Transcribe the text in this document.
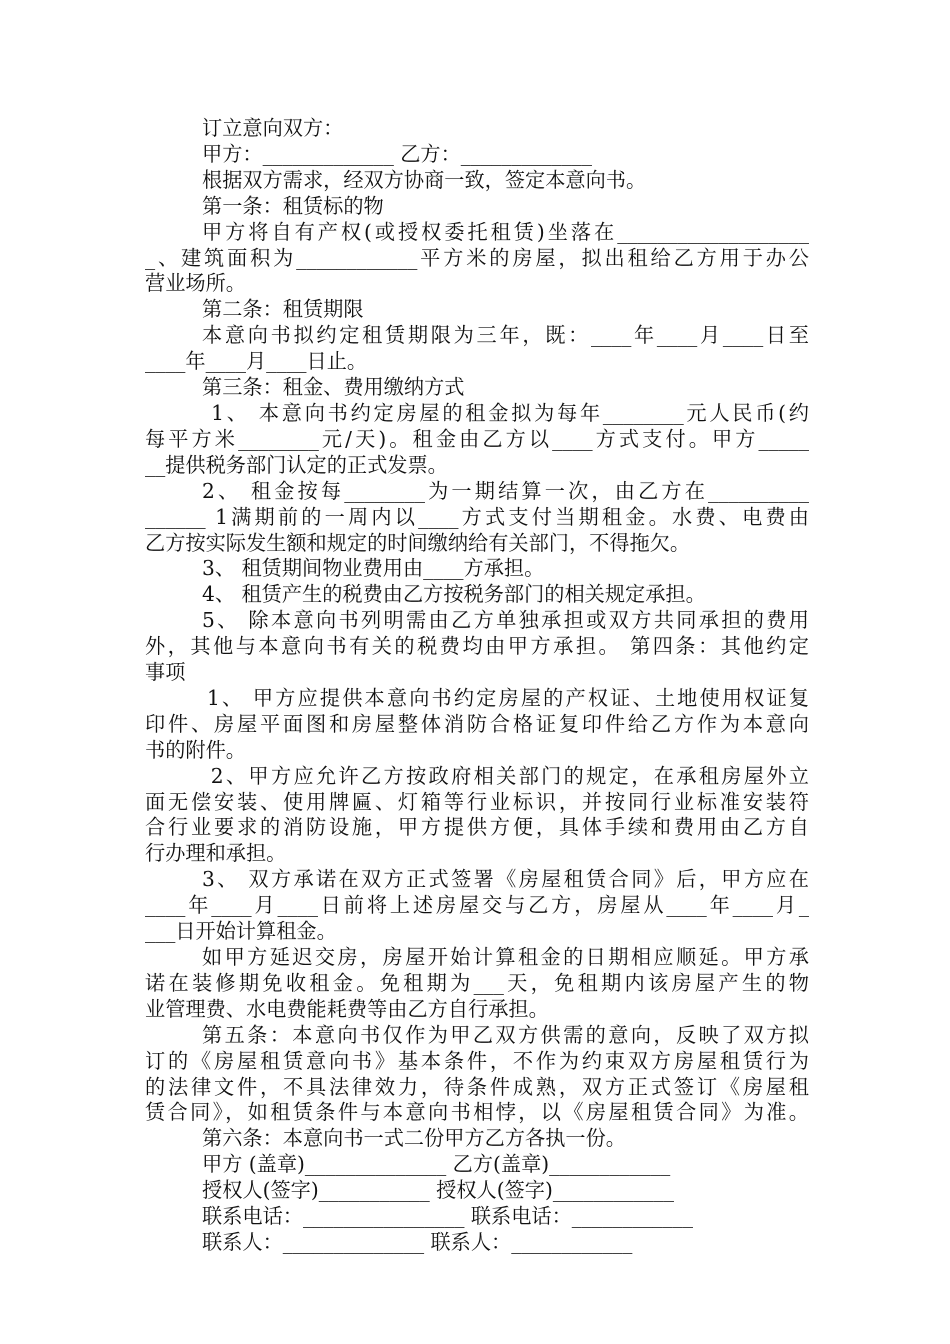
订立意向双方：
甲方：_____________ 乙方：_____________
根据双方需求，经双方协商一致，签定本意向书。
第一条：租赁标的物
甲方将自有产权(或授权委托租赁)坐落在___________________
_、建筑面积为____________平方米的房屋，拟出租给乙方用于办公
营业场所。
第二条：租赁期限
本意向书拟约定租赁期限为三年，既：____年____月____日至
____年____月____日止。
第三条：租金、费用缴纳方式
1、 本意向书约定房屋的租金拟为每年________元人民币(约
每平方米________元/天)。租金由乙方以____方式支付。甲方_____
__提供税务部门认定的正式发票。
2、 租金按每________为一期结算一次，由乙方在__________
______ 1满期前的一周内以____方式支付当期租金。水费、电费由
乙方按实际发生额和规定的时间缴纳给有关部门，不得拖欠。
3、 租赁期间物业费用由____方承担。
4、 租赁产生的税费由乙方按税务部门的相关规定承担。
5、 除本意向书列明需由乙方单独承担或双方共同承担的费用
外，其他与本意向书有关的税费均由甲方承担。 第四条：其他约定
事项
1、 甲方应提供本意向书约定房屋的产权证、土地使用权证复
印件、房屋平面图和房屋整体消防合格证复印件给乙方作为本意向
书的附件。
2、甲方应允许乙方按政府相关部门的规定，在承租房屋外立
面无偿安装、使用牌匾、灯箱等行业标识，并按同行业标准安装符
合行业要求的消防设施，甲方提供方便，具体手续和费用由乙方自
行办理和承担。
3、 双方承诺在双方正式签署《房屋租赁合同》后，甲方应在
____年____月____日前将上述房屋交与乙方，房屋从____年____月_
___日开始计算租金。
如甲方延迟交房，房屋开始计算租金的日期相应顺延。甲方承
诺在装修期免收租金。免租期为___天，免租期内该房屋产生的物
业管理费、水电费能耗费等由乙方自行承担。
第五条：本意向书仅作为甲乙双方供需的意向，反映了双方拟
订的《房屋租赁意向书》基本条件，不作为约束双方房屋租赁行为
的法律文件，不具法律效力，待条件成熟，双方正式签订《房屋租
赁合同》，如租赁条件与本意向书相悖，以《房屋租赁合同》为准。
第六条：本意向书一式二份甲方乙方各执一份。
甲方 (盖章)______________ 乙方(盖章)____________
授权人(签字)___________ 授权人(签字)____________
联系电话：________________ 联系电话：____________
联系人：______________ 联系人：____________
